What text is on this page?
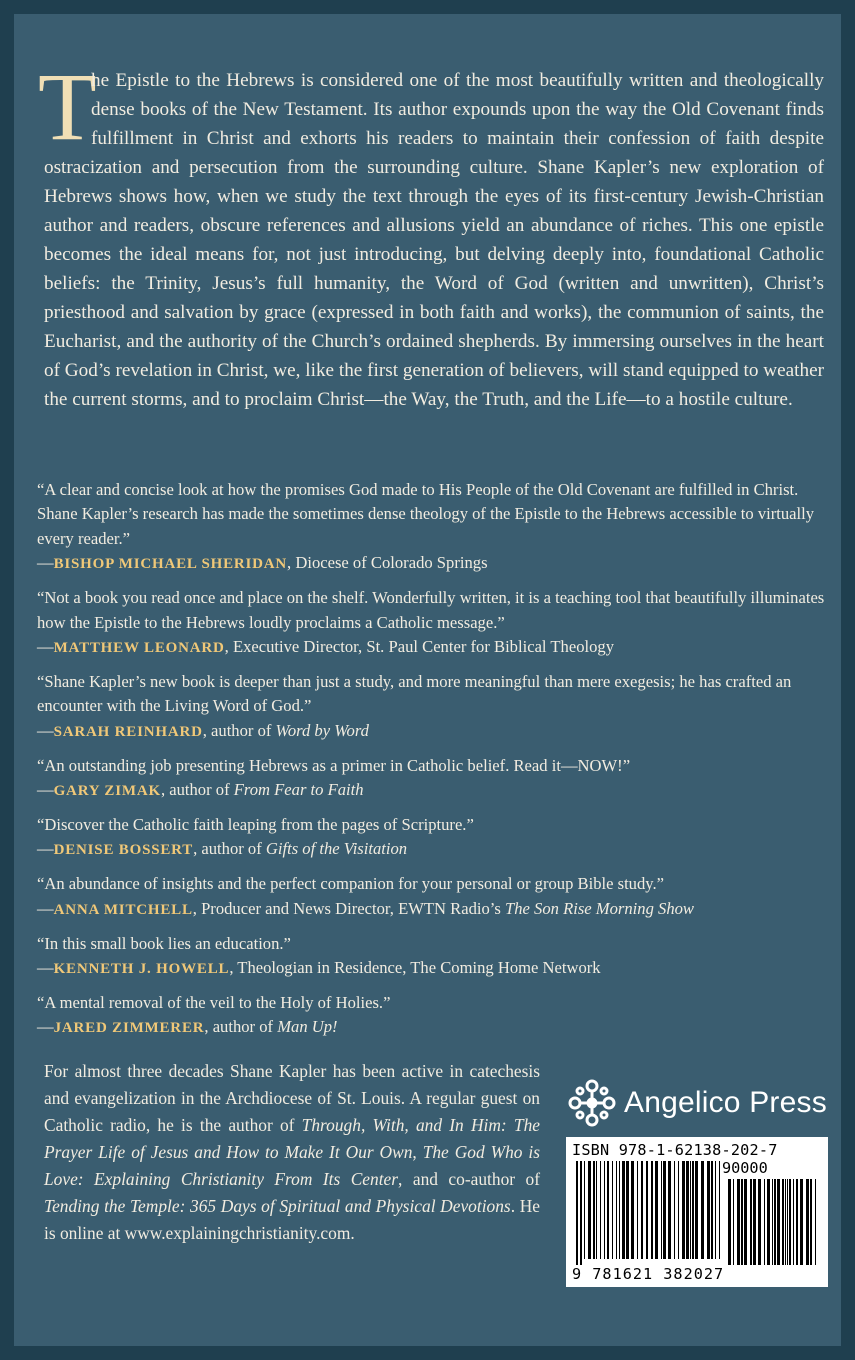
T
he Epistle to the Hebrews is considered one of the most beautifully written and theologically dense books of the New Testament. Its author expounds upon the way the Old Covenant finds fulfillment in Christ and exhorts his readers to maintain their confession of faith despite ostracization and persecution from the surrounding culture. Shane Kapler’s new exploration of Hebrews shows how, when we study the text through the eyes of its first-century Jewish-Christian author and readers, obscure references and allusions yield an abundance of riches. This one epistle becomes the ideal means for, not just introducing, but delving deeply into, foundational Catholic beliefs: the Trinity, Jesus’s full humanity, the Word of God (written and unwritten), Christ’s priesthood and salvation by grace (expressed in both faith and works), the communion of saints, the Eucharist, and the authority of the Church’s ordained shepherds. By immersing ourselves in the heart of God’s revelation in Christ, we, like the first generation of believers, will stand equipped to weather the current storms, and to proclaim Christ—the Way, the Truth, and the Life—to a hostile culture.

“A clear and concise look at how the promises God made to His People of the Old Covenant are fulfilled in Christ. Shane Kapler’s research has made the sometimes dense theology of the Epistle to the Hebrews accessible to virtually every reader.”

—BISHOP MICHAEL SHERIDAN, Diocese of Colorado Springs

“Not a book you read once and place on the shelf. Wonderfully written, it is a teaching tool that beautifully illuminates how the Epistle to the Hebrews loudly proclaims a Catholic message.”

—MATTHEW LEONARD, Executive Director, St. Paul Center for Biblical Theology

“Shane Kapler’s new book is deeper than just a study, and more meaningful than mere exegesis; he has crafted an encounter with the Living Word of God.”

—SARAH REINHARD, author of Word by Word

“An outstanding job presenting Hebrews as a primer in Catholic belief. Read it—NOW!”

—GARY ZIMAK, author of From Fear to Faith

“Discover the Catholic faith leaping from the pages of Scripture.”

—DENISE BOSSERT, author of Gifts of the Visitation

“An abundance of insights and the perfect companion for your personal or group Bible study.”

—ANNA MITCHELL, Producer and News Director, EWTN Radio’s The Son Rise Morning Show

“In this small book lies an education.”

—KENNETH J. HOWELL, Theologian in Residence, The Coming Home Network

“A mental removal of the veil to the Holy of Holies.”

—JARED ZIMMERER, author of Man Up!

For almost three decades Shane Kapler has been active in catechesis and evangelization in the Archdiocese of St. Louis. A regular guest on Catholic radio, he is the author of Through, With, and In Him: The Prayer Life of Jesus and How to Make It Our Own, The God Who is Love: Explaining Christianity From Its Center, and co-author of Tending the Temple: 365 Days of Spiritual and Physical Devotions. He is online at www.explainingchristianity.com.

Angelico Press
ISBN 978-1-62138-202-7
90000
9 781621 382027
